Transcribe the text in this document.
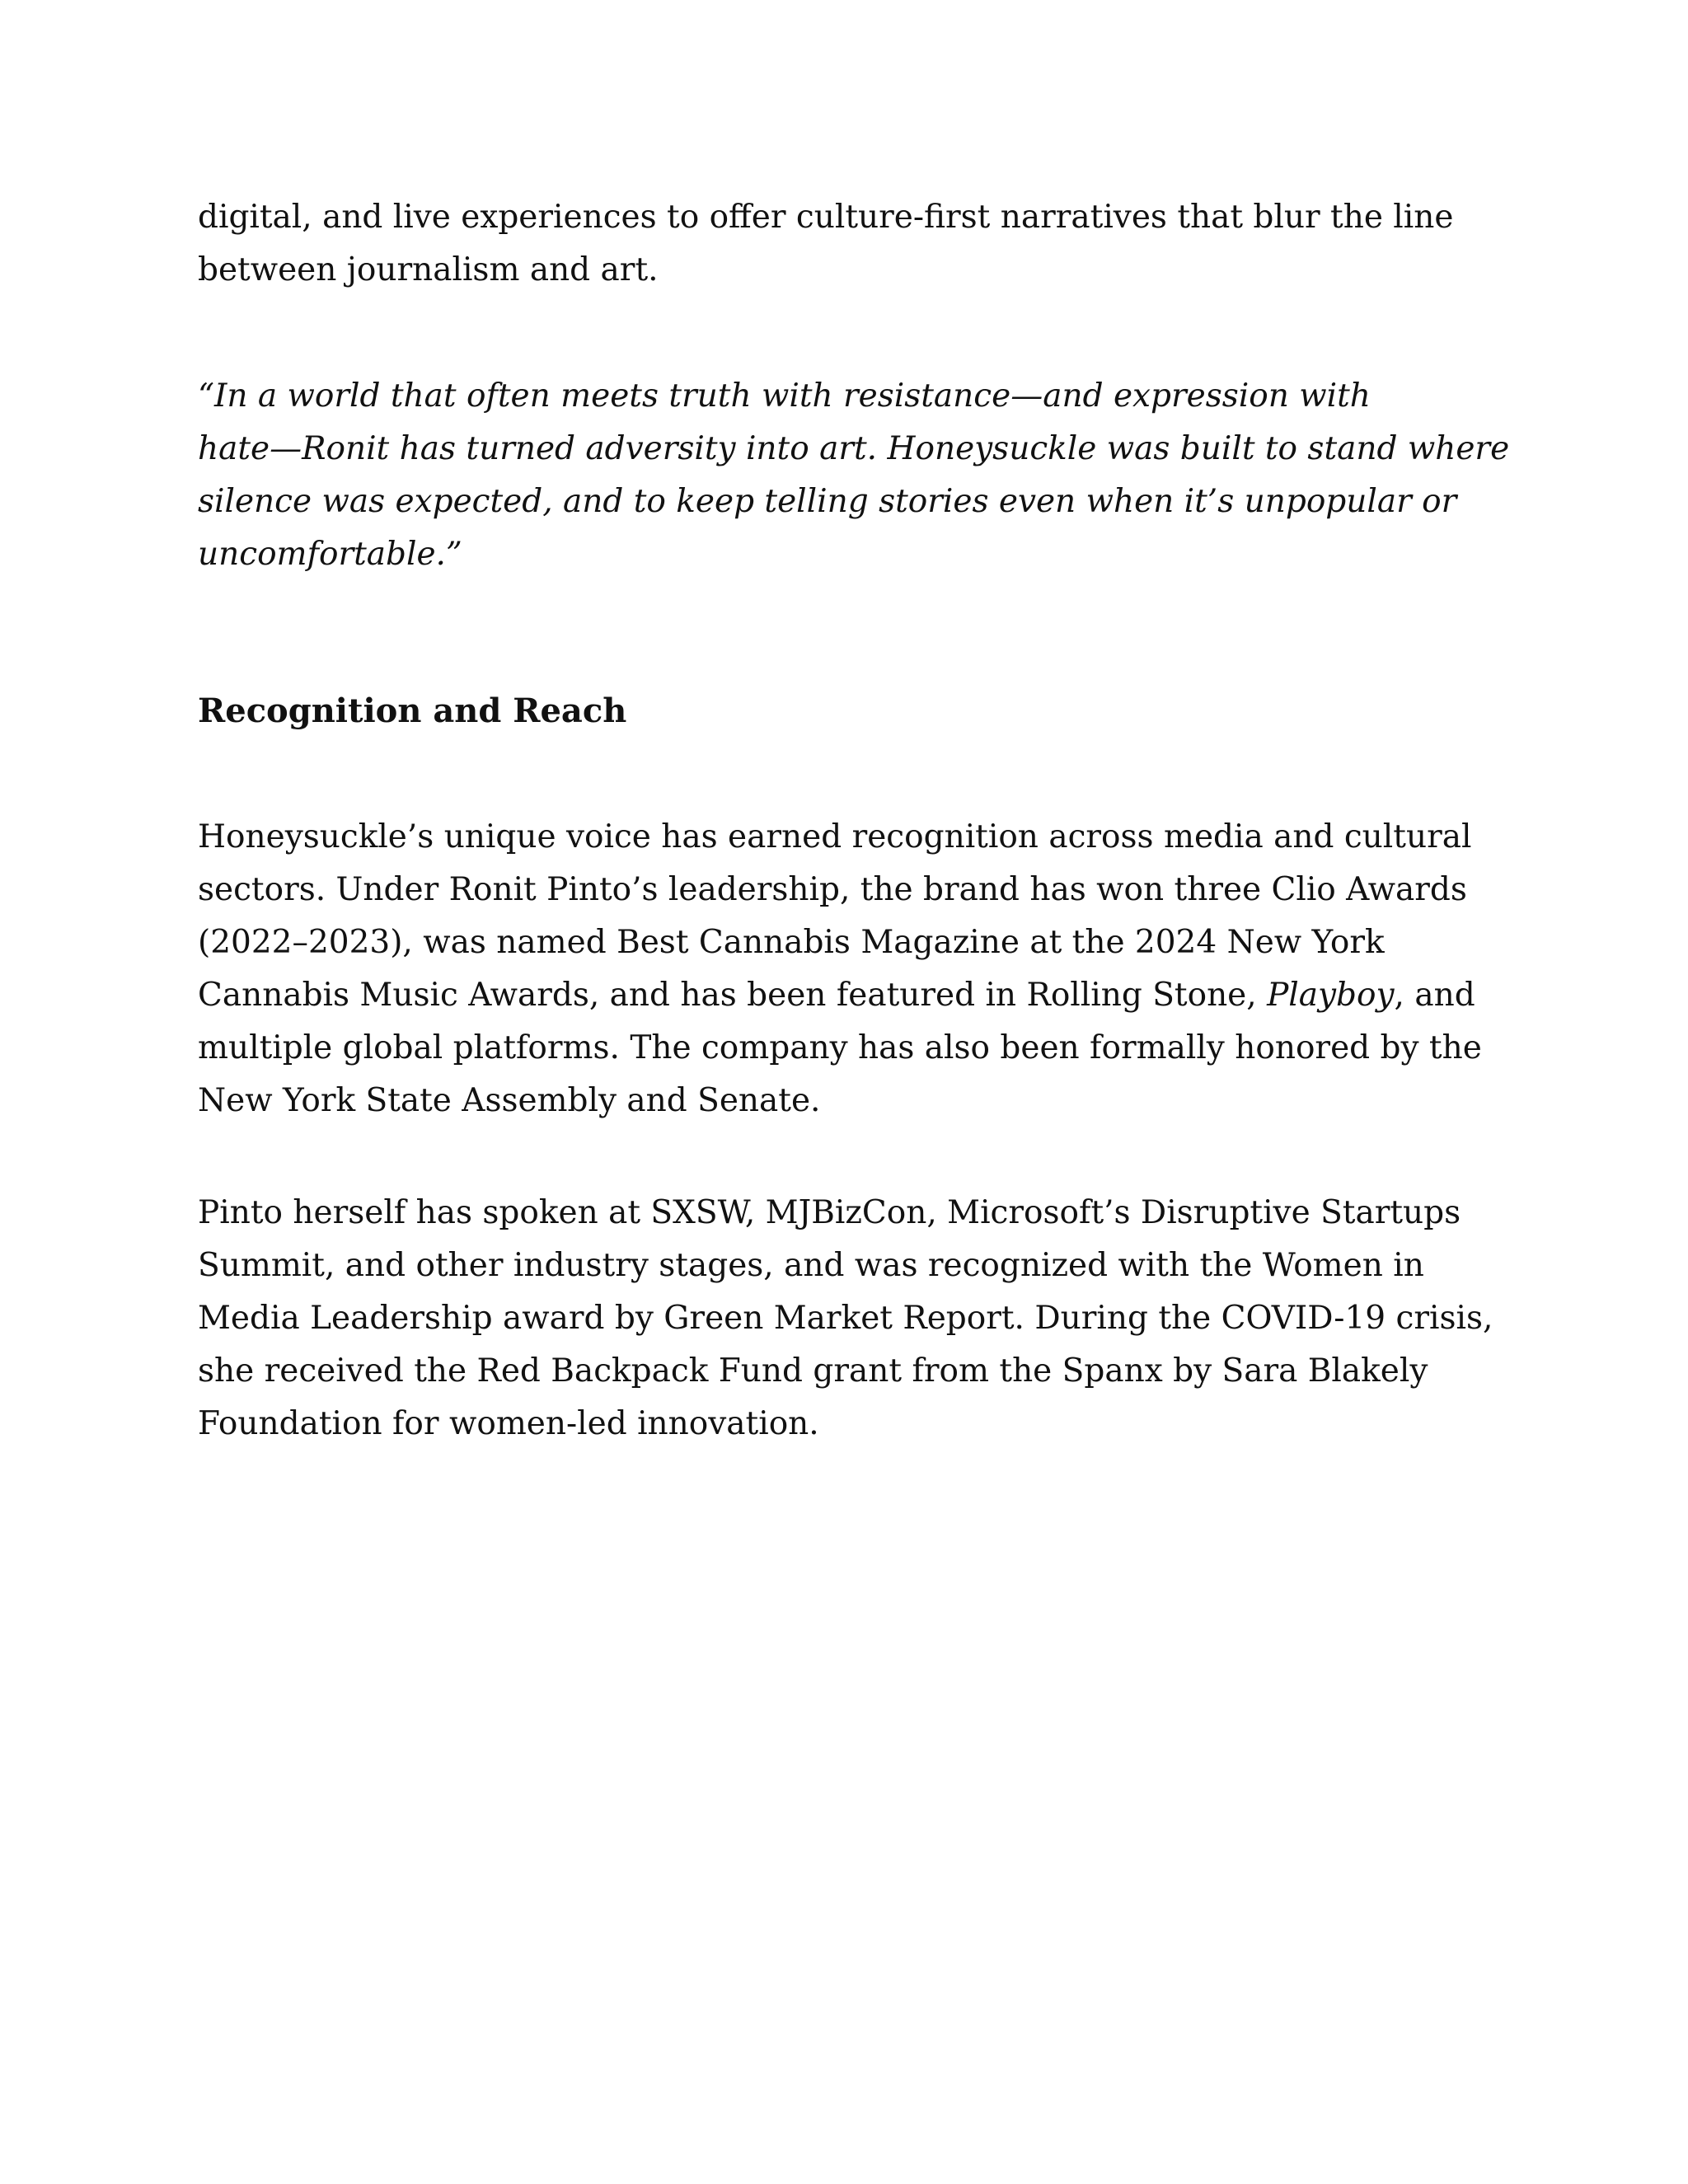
digital, and live experiences to offer culture-first narratives that blur the line
between journalism and art.

“In a world that often meets truth with resistance—and expression with
hate—Ronit has turned adversity into art. Honeysuckle was built to stand where
silence was expected, and to keep telling stories even when it’s unpopular or
uncomfortable.”

Recognition and Reach

Honeysuckle’s unique voice has earned recognition across media and cultural
sectors. Under Ronit Pinto’s leadership, the brand has won three Clio Awards
(2022–2023), was named Best Cannabis Magazine at the 2024 New York
Cannabis Music Awards, and has been featured in Rolling Stone, Playboy, and
multiple global platforms. The company has also been formally honored by the
New York State Assembly and Senate.

Pinto herself has spoken at SXSW, MJBizCon, Microsoft’s Disruptive Startups
Summit, and other industry stages, and was recognized with the Women in
Media Leadership award by Green Market Report. During the COVID-19 crisis,
she received the Red Backpack Fund grant from the Spanx by Sara Blakely
Foundation for women-led innovation.
